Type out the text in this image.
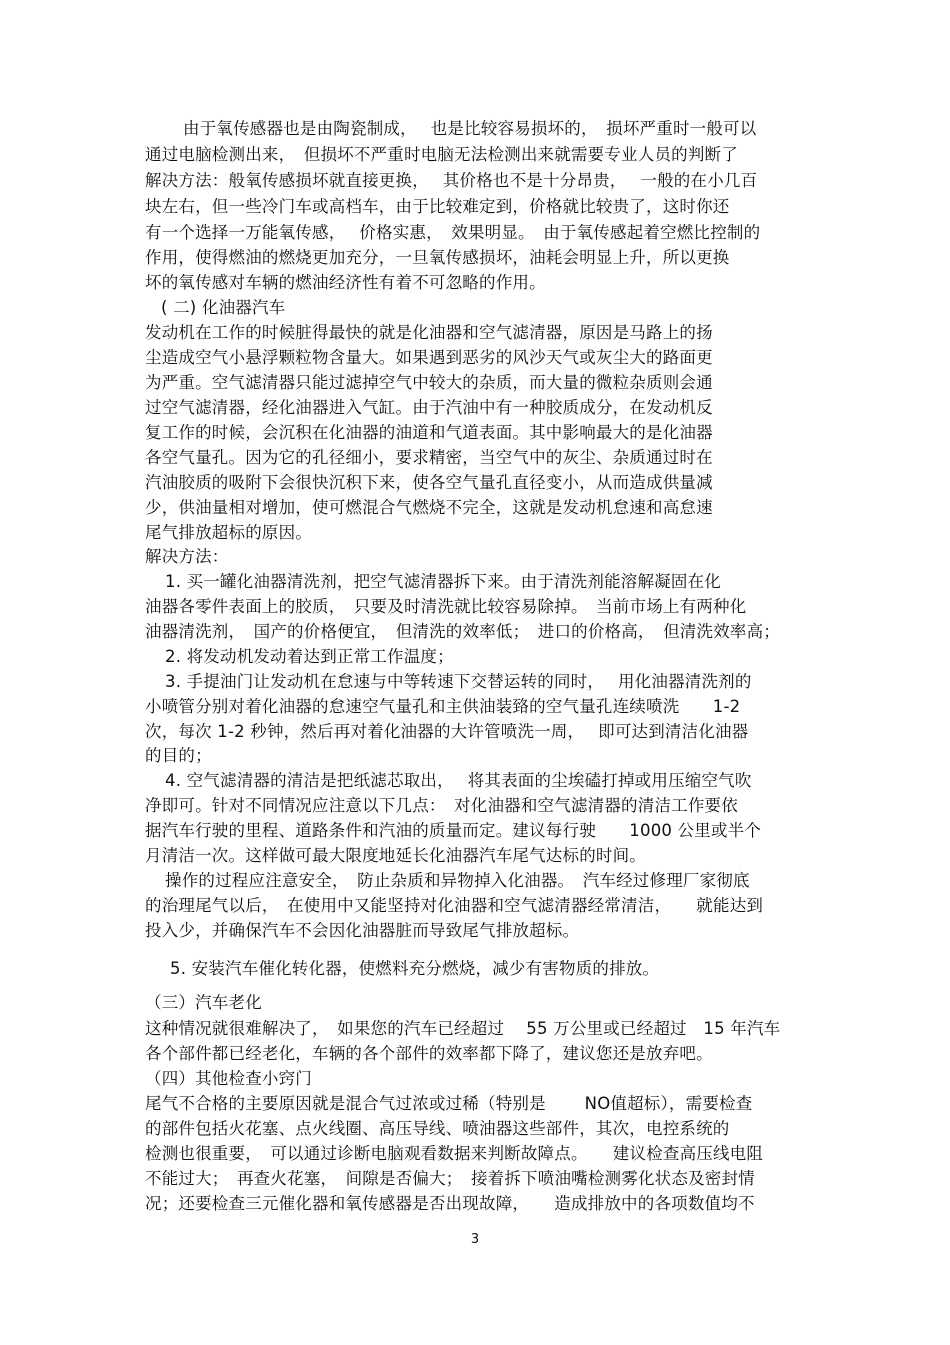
由于氧传感器也是由陶瓷制成，　 也是比较容易损坏的，　损坏严重时一般可以
通过电脑检测出来，　但损坏不严重时电脑无法检测出来就需要专业人员的判断了
解决方法：般氧传感损坏就直接更换，　 其价格也不是十分昂贵，　 一般的在小几百
块左右，但一些冷门车或高档车，由于比较难定到，价格就比较贵了，这时你还
有一个选择一万能氧传感，　 价格实惠，　效果明显。　由于氧传感起着空燃比控制的
作用，使得燃油的燃烧更加充分，一旦氧传感损坏，油耗会明显上升，所以更换
坏的氧传感对车辆的燃油经济性有着不可忽略的作用。
( 二) 化油器汽车
发动机在工作的时候脏得最快的就是化油器和空气滤清器，原因是马路上的扬
尘造成空气小悬浮颗粒物含量大。如果遇到恶劣的风沙天气或灰尘大的路面更
为严重。空气滤清器只能过滤掉空气中较大的杂质，而大量的微粒杂质则会通
过空气滤清器，经化油器进入气缸。由于汽油中有一种胶质成分，在发动机反
复工作的时候，会沉积在化油器的油道和气道表面。其中影响最大的是化油器
各空气量孔。因为它的孔径细小，要求精密，当空气中的灰尘、杂质通过时在
汽油胶质的吸附下会很快沉积下来，使各空气量孔直径变小，从而造成供量减
少，供油量相对增加，使可燃混合气燃烧不完全，这就是发动机怠速和高怠速
尾气排放超标的原因。
解决方法：
1. 买一罐化油器清洗剂，把空气滤清器拆下来。由于清洗剂能溶解凝固在化
油器各零件表面上的胶质，　只要及时清洗就比较容易除掉。　当前市场上有两种化
油器清洗剂，　国产的价格便宜，　但清洗的效率低；　进口的价格高，　但清洗效率高；
2. 将发动机发动着达到正常工作温度；
3. 手提油门让发动机在怠速与中等转速下交替运转的同时，　 用化油器清洗剂的
小喷管分别对着化油器的怠速空气量孔和主供油装臵的空气量孔连续喷洗　　1-2
次，每次 1-2 秒钟，然后再对着化油器的大许管喷洗一周，　 即可达到清洁化油器
的目的；
4. 空气滤清器的清洁是把纸滤芯取出，　 将其表面的尘埃磕打掉或用压缩空气吹
净即可。针对不同情况应注意以下几点：　对化油器和空气滤清器的清洁工作要依
据汽车行驶的里程、道路条件和汽油的质量而定。建议每行驶　　1000 公里或半个
月清洁一次。这样做可最大限度地延长化油器汽车尾气达标的时间。
操作的过程应注意安全，　防止杂质和异物掉入化油器。　汽车经过修理厂家彻底
的治理尾气以后，　在使用中又能坚持对化油器和空气滤清器经常清洁，　　就能达到
投入少，并确保汽车不会因化油器脏而导致尾气排放超标。
5. 安装汽车催化转化器，使燃料充分燃烧，减少有害物质的排放。
（三）汽车老化
这种情况就很难解决了，　如果您的汽车已经超过　 55 万公里或已经超过　15 年汽车
各个部件都已经老化，车辆的各个部件的效率都下降了，建议您还是放弃吧。
（四）其他检查小窍门
尾气不合格的主要原因就是混合气过浓或过稀（特别是　　 NO值超标），需要检查
的部件包括火花塞、点火线圈、高压导线、喷油器这些部件，其次，电控系统的
检测也很重要，　可以通过诊断电脑观看数据来判断故障点。　　建议检查高压线电阻
不能过大；　再查火花塞，　间隙是否偏大；　接着拆下喷油嘴检测雾化状态及密封情
况；还要检查三元催化器和氧传感器是否出现故障，　　造成排放中的各项数值均不
3
